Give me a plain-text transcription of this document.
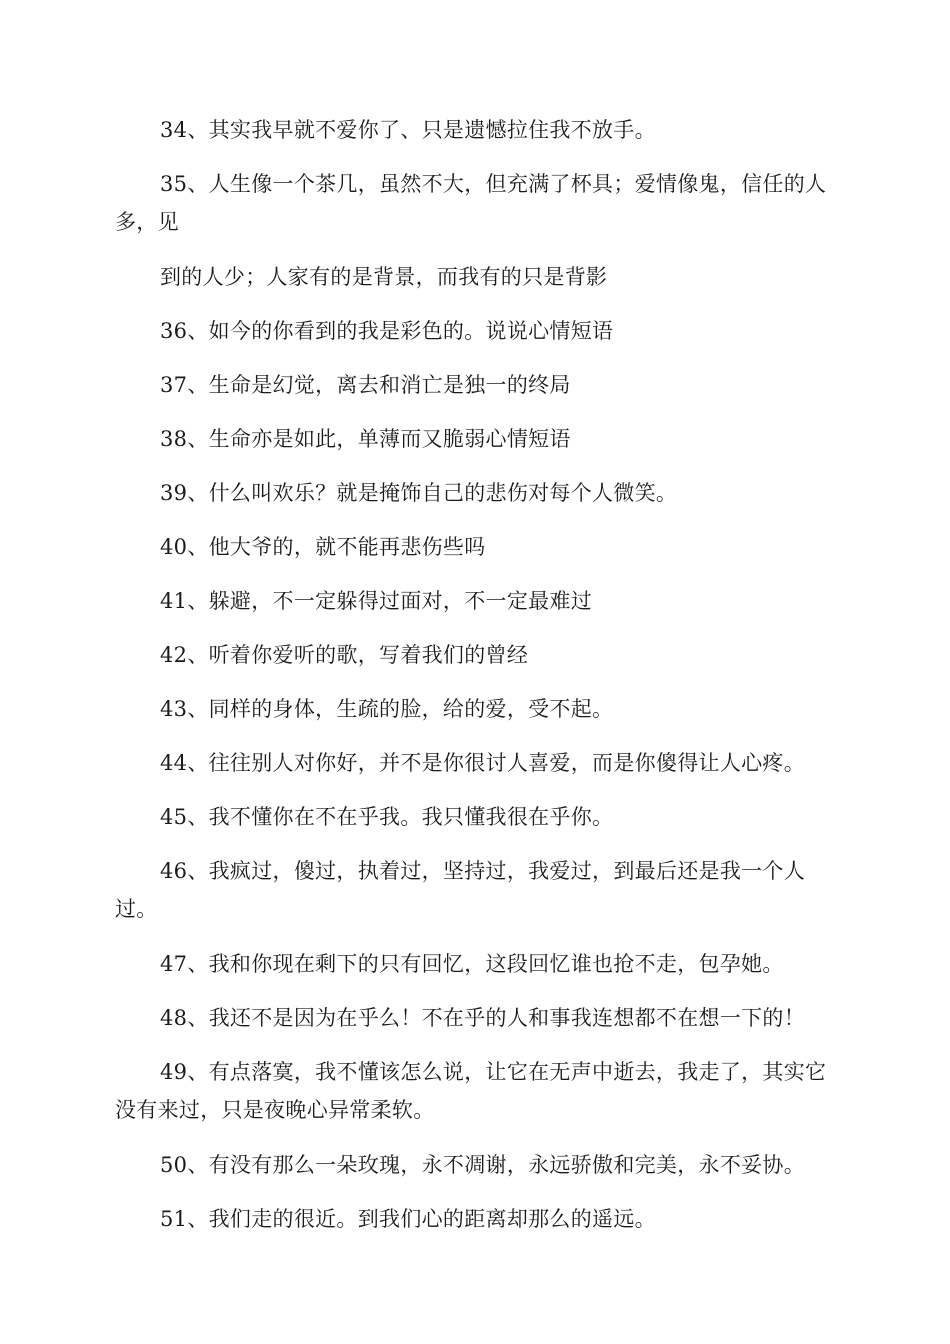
34、其实我早就不爱你了、只是遗憾拉住我不放手。
35、人生像一个茶几，虽然不大，但充满了杯具；爱情像鬼，信任的人多，见
到的人少；人家有的是背景，而我有的只是背影
36、如今的你看到的我是彩色的。说说心情短语
37、生命是幻觉，离去和消亡是独一的终局
38、生命亦是如此，单薄而又脆弱心情短语
39、什么叫欢乐？就是掩饰自己的悲伤对每个人微笑。
40、他大爷的，就不能再悲伤些吗
41、躲避，不一定躲得过面对，不一定最难过
42、听着你爱听的歌，写着我们的曾经
43、同样的身体，生疏的脸，给的爱，受不起。
44、往往别人对你好，并不是你很讨人喜爱，而是你傻得让人心疼。
45、我不懂你在不在乎我。我只懂我很在乎你。
46、我疯过，傻过，执着过，坚持过，我爱过，到最后还是我一个人过。
47、我和你现在剩下的只有回忆，这段回忆谁也抢不走，包孕她。
48、我还不是因为在乎么！不在乎的人和事我连想都不在想一下的！
49、有点落寞，我不懂该怎么说，让它在无声中逝去，我走了，其实它没有来过，只是夜晚心异常柔软。
50、有没有那么一朵玫瑰，永不凋谢，永远骄傲和完美，永不妥协。
51、我们走的很近。到我们心的距离却那么的遥远。
